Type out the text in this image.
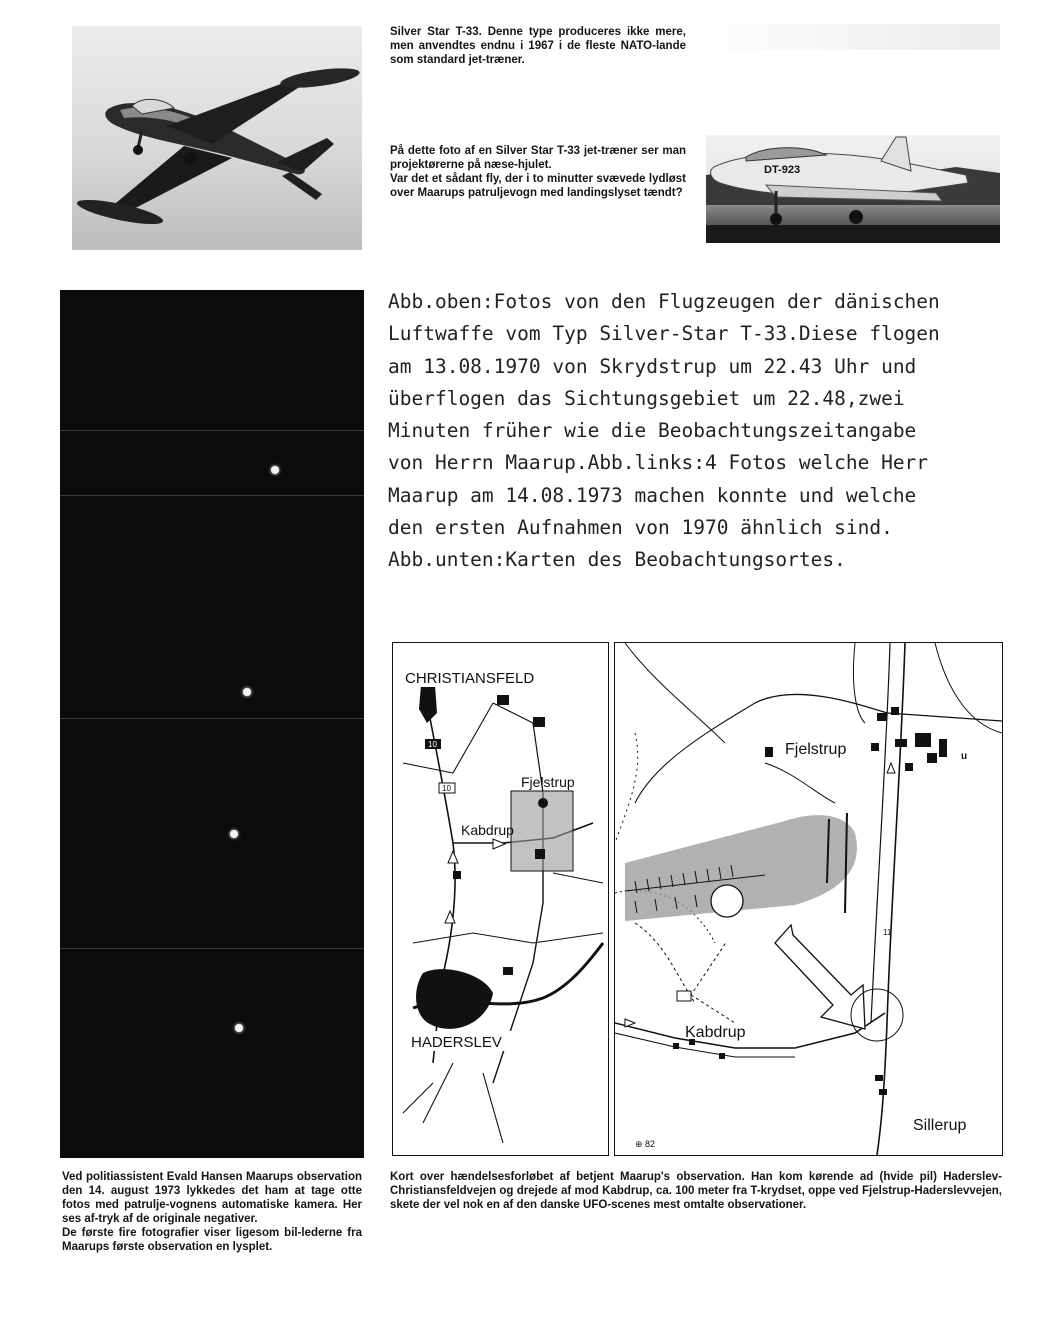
Silver Star T-33. Denne type produceres ikke mere, men anvendtes endnu i 1967 i de fleste NATO-lande som standard jet-træner.
På dette foto af en Silver Star T-33 jet-træner ser man projektørerne på næse-hjulet.
Var det et sådant fly, der i to minutter svævede lydløst over Maarups patruljevogn med landingslyset tændt?
DT-923
Abb.oben:Fotos von den Flugzeugen der dänischen
Luftwaffe vom Typ Silver-Star T-33.Diese flogen
am 13.08.1970 von Skrydstrup um 22.43 Uhr und
überflogen das Sichtungsgebiet um 22.48,zwei
Minuten früher wie die Beobachtungszeitangabe
von Herrn Maarup.Abb.links:4 Fotos welche Herr
Maarup am 14.08.1973 machen konnte und welche
den ersten Aufnahmen von 1970 ähnlich sind.
Abb.unten:Karten des Beobachtungsortes.
10
10
CHRISTIANSFELD
Fjelstrup
Kabdrup
HADERSLEV
Fjelstrup	u
Kabdrup
Sillerup
11
⊕ 82
Ved politiassistent Evald Hansen Maarups observation den 14. august 1973 lykkedes det ham at tage otte fotos med patrulje-vognens automatiske kamera. Her ses af-tryk af de originale negativer.
De første fire fotografier viser ligesom bil-lederne fra Maarups første observation en lysplet.
Kort over hændelsesforløbet af betjent Maarup's observation. Han kom kørende ad (hvide pil) Haderslev-Christiansfeldvejen og drejede af mod Kabdrup, ca. 100 meter fra T-krydset, oppe ved Fjelstrup-Haderslevvejen, skete der vel nok en af den danske UFO-scenes mest omtalte observationer.
